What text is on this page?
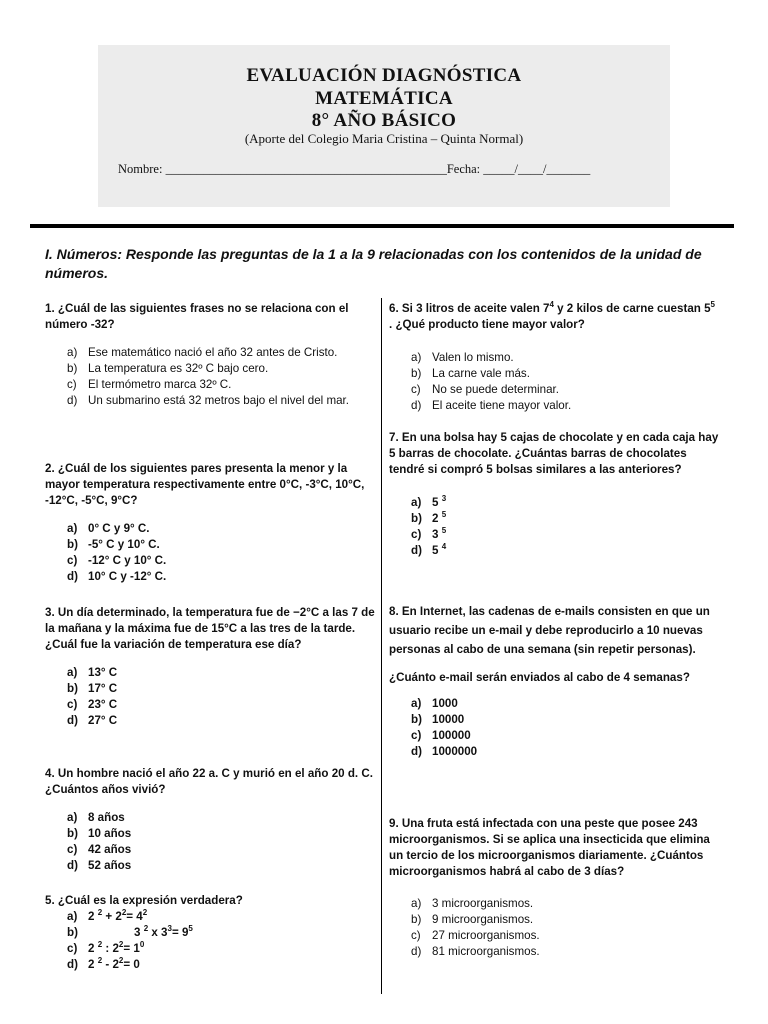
EVALUACIÓN DIAGNÓSTICA
MATEMÁTICA
8° AÑO BÁSICO
(Aporte del Colegio Maria Cristina – Quinta Normal)
Nombre: _____________________________________________Fecha: _____/____/_______
I. Números: Responde las preguntas de la 1 a la 9 relacionadas con los contenidos de la unidad de números.

1. ¿Cuál de las siguientes frases no se relaciona con el número -32?

a) Ese matemático nació el año 32 antes de Cristo.
b) La temperatura es 32º C bajo cero.
c) El termómetro marca 32º C.
d) Un submarino está 32 metros bajo el nivel del mar.

2. ¿Cuál de los siguientes pares presenta la menor y la mayor temperatura respectivamente entre 0°C, -3°C, 10°C, -12°C, -5°C, 9°C?

a) 0° C y 9° C.
b) -5° C y 10° C.
c) -12° C y 10° C.
d) 10° C y -12° C.

3. Un día determinado, la temperatura fue de −2°C a las 7 de la mañana y la máxima fue de 15°C a las tres de la tarde. ¿Cuál fue la variación de temperatura ese día?

a) 13° C
b) 17° C
c) 23° C
d) 27° C

4. Un hombre nació el año 22 a. C y murió en el año 20 d. C. ¿Cuántos años vivió?

a) 8 años
b) 10 años
c) 42 años
d) 52 años

5. ¿Cuál es la expresión verdadera?

a) 2 $^2 + 2^2= 4^2$
b)	3 $^2$ x $3^3= 9^5$
c) 2 $^2$ : $2^2= 1^0$
d) 2 $^2 - 2^2= 0$

6. Si 3 litros de aceite valen $7^4$ y 2 kilos de carne cuestan $5^5$ . ¿Qué producto tiene mayor valor?

a) Valen lo mismo.
b) La carne vale más.
c) No se puede determinar.
d) El aceite tiene mayor valor.

7. En una bolsa hay 5 cajas de chocolate y en cada caja hay 5 barras de chocolate. ¿Cuántas barras de chocolates tendré si compró 5 bolsas similares a las anteriores?

a) 5 $^3$
b) 2 $^5$
c) 3 $^5$
d) 5 $^4$

8. En Internet, las cadenas de e-mails consisten en que un usuario recibe un e-mail y debe reproducirlo a 10 nuevas personas al cabo de una semana (sin repetir personas).

¿Cuánto e-mail serán enviados al cabo de 4 semanas?

a) 1000
b) 10000
c) 100000
d) 1000000

9. Una fruta está infectada con una peste que posee 243 microorganismos. Si se aplica una insecticida que elimina un tercio de los microorganismos diariamente. ¿Cuántos microorganismos habrá al cabo de 3 días?

a) 3 microorganismos.
b) 9 microorganismos.
c) 27 microorganismos.
d) 81 microorganismos.
